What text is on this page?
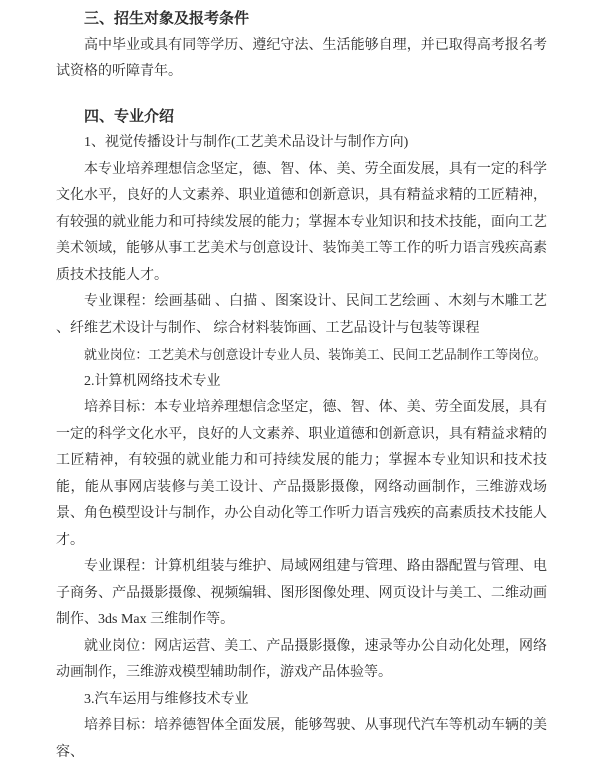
三、招生对象及报考条件

高中毕业或具有同等学历、遵纪守法、生活能够自理，并已取得高考报名考试资格的听障青年。

四、专业介绍

1、视觉传播设计与制作(工艺美术品设计与制作方向)

本专业培养理想信念坚定，德、智、体、美、劳全面发展，具有一定的科学文化水平，良好的人文素养、职业道德和创新意识，具有精益求精的工匠精神， 有较强的就业能力和可持续发展的能力；掌握本专业知识和技术技能，面向工艺美术领域，能够从事工艺美术与创意设计、装饰美工等工作的听力语言残疾高素质技术技能人才。

专业课程：绘画基础 、白描 、图案设计、民间工艺绘画 、木刻与木雕工艺 、纤维艺术设计与制作、 综合材料装饰画、工艺品设计与包装等课程

就业岗位：工艺美术与创意设计专业人员、装饰美工、民间工艺品制作工等岗位。

2.计算机网络技术专业

培养目标：本专业培养理想信念坚定，德、智、体、美、劳全面发展，具有一定的科学文化水平，良好的人文素养、职业道德和创新意识，具有精益求精的工匠精神，有较强的就业能力和可持续发展的能力；掌握本专业知识和技术技能，能从事网店装修与美工设计、产品摄影摄像，网络动画制作，三维游戏场景、角色模型设计与制作，办公自动化等工作听力语言残疾的高素质技术技能人才。

专业课程：计算机组装与维护、局域网组建与管理、路由器配置与管理、电子商务、产品摄影摄像、视频编辑、图形图像处理、网页设计与美工、二维动画制作、3ds Max 三维制作等。

就业岗位：网店运营、美工、产品摄影摄像，速录等办公自动化处理，网络动画制作，三维游戏模型辅助制作，游戏产品体验等。

3.汽车运用与维修技术专业

培养目标：培养德智体全面发展，能够驾驶、从事现代汽车等机动车辆的美容、
